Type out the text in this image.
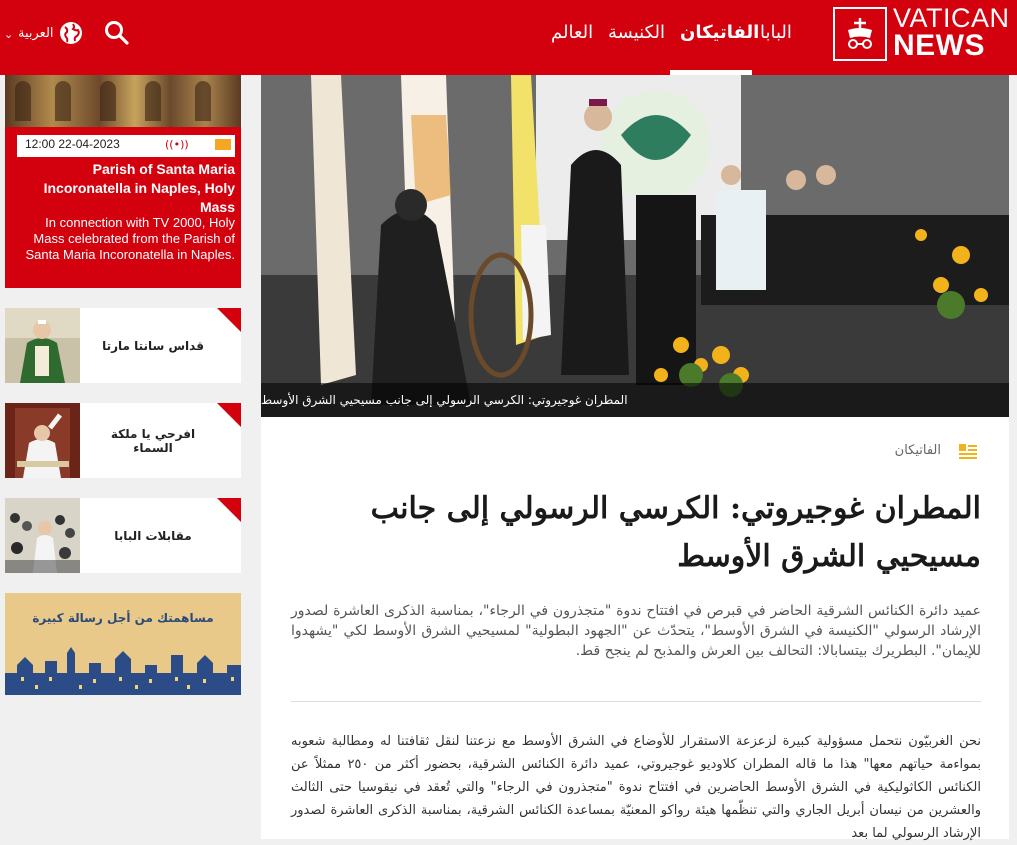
VATICAN
NEWS
البابا
الفاتيكان
الكنيسة
العالم
العربية
⌄
12:00 22-04-2023	((•))
Parish of Santa Maria Incoronatella in Naples, Holy Mass
In connection with TV 2000, Holy Mass celebrated from the Parish of Santa Maria Incoronatella in Naples.
قداس سانتا مارتا
افرحي يا ملكة السماء
مقابلات البابا
مساهمتك من أجل رسالة كبيرة
المطران غوجيروتي: الكرسي الرسولي إلى جانب مسيحيي الشرق الأوسط
الفاتيكان
المطران غوجيروتي: الكرسي الرسولي إلى جانب مسيحيي الشرق الأوسط

عميد دائرة الكنائس الشرقية الحاضر في قبرص في افتتاح ندوة "متجذرون في الرجاء"، بمناسبة الذكرى العاشرة لصدور الإرشاد الرسولي "الكنيسة في الشرق الأوسط"، يتحدّث عن "الجهود البطولية" لمسيحيي الشرق الأوسط لكي "يشهدوا للإيمان". البطريرك بيتسابالا: التحالف بين العرش والمذبح لم ينجح قط.

نحن الغربيّون نتحمل مسؤولية كبيرة لزعزعة الاستقرار للأوضاع في الشرق الأوسط مع نزعتنا لنقل ثقافتنا له ومطالبة شعوبه بمواءمة حياتهم معها" هذا ما قاله المطران كلاوديو غوجيروتي، عميد دائرة الكنائس الشرقية، بحضور أكثر من ٢٥٠ ممثلاً عن الكنائس الكاثوليكية في الشرق الأوسط الحاضرين في افتتاح ندوة "متجذرون في الرجاء" والتي تُعقد في نيقوسيا حتى الثالث والعشرين من نيسان أبريل الجاري والتي تنظّمها هيئة رواكو المعنيّة بمساعدة الكنائس الشرقية، بمناسبة الذكرى العاشرة لصدور الإرشاد الرسولي لما بعد
